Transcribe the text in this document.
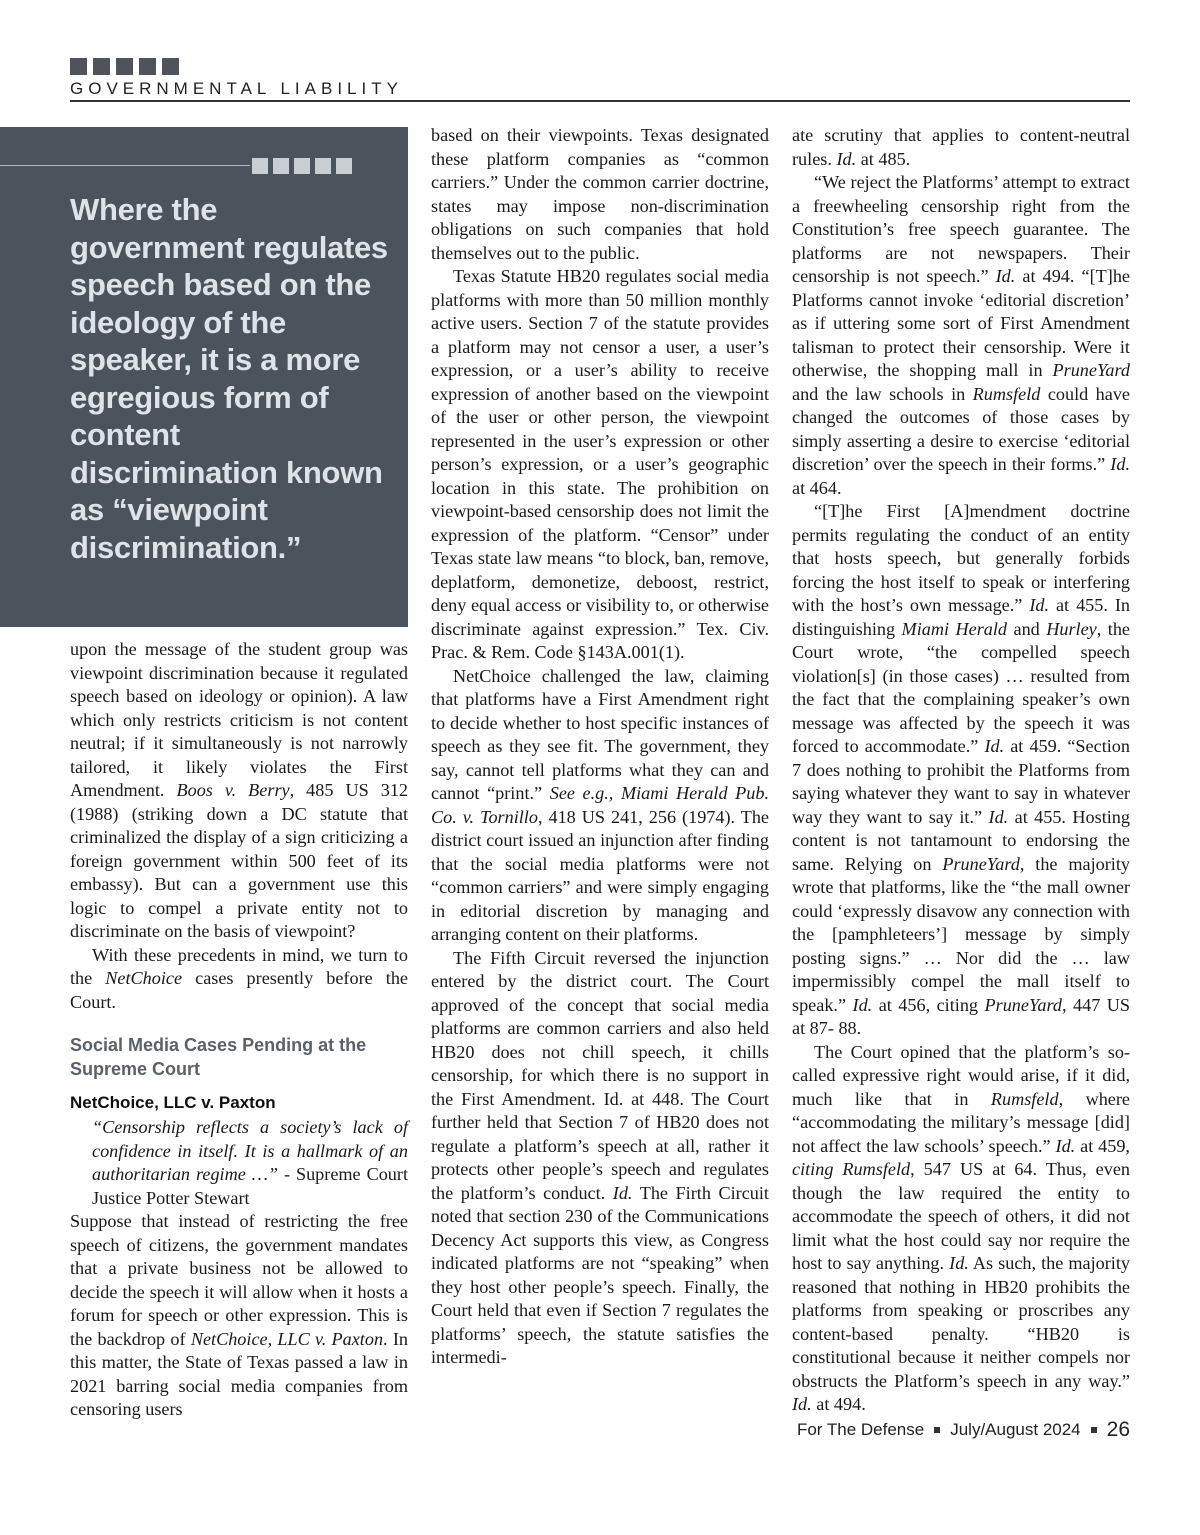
GOVERNMENTAL LIABILITY

Where the government regulates speech based on the ideology of the speaker, it is a more egregious form of content discrimination known as “viewpoint discrimination.”

upon the message of the student group was viewpoint discrimination because it regulated speech based on ideology or opinion). A law which only restricts criticism is not content neutral; if it simultaneously is not narrowly tailored, it likely violates the First Amendment. Boos v. Berry, 485 US 312 (1988) (striking down a DC statute that criminalized the display of a sign criticizing a foreign government within 500 feet of its embassy). But can a government use this logic to compel a private entity not to discriminate on the basis of viewpoint?

With these precedents in mind, we turn to the NetChoice cases presently before the Court.

Social Media Cases Pending at the Supreme Court
NetChoice, LLC v. Paxton

“Censorship reflects a society’s lack of confidence in itself. It is a hallmark of an authoritarian regime …” - Supreme Court Justice Potter Stewart

Suppose that instead of restricting the free speech of citizens, the government mandates that a private business not be allowed to decide the speech it will allow when it hosts a forum for speech or other expression. This is the backdrop of NetChoice, LLC v. Paxton. In this matter, the State of Texas passed a law in 2021 barring social media companies from censoring users

based on their viewpoints. Texas designated these platform companies as “common carriers.” Under the common carrier doctrine, states may impose non-discrimination obligations on such companies that hold themselves out to the public.

Texas Statute HB20 regulates social media platforms with more than 50 million monthly active users. Section 7 of the statute provides a platform may not censor a user, a user’s expression, or a user’s ability to receive expression of another based on the viewpoint of the user or other person, the viewpoint represented in the user’s expression or other person’s expression, or a user’s geographic location in this state. The prohibition on viewpoint-based censorship does not limit the expression of the platform. “Censor” under Texas state law means “to block, ban, remove, deplatform, demonetize, deboost, restrict, deny equal access or visibility to, or otherwise discriminate against expression.” Tex. Civ. Prac. & Rem. Code §143A.001(1).

NetChoice challenged the law, claiming that platforms have a First Amendment right to decide whether to host specific instances of speech as they see fit. The government, they say, cannot tell platforms what they can and cannot “print.” See e.g., Miami Herald Pub. Co. v. Tornillo, 418 US 241, 256 (1974). The district court issued an injunction after finding that the social media platforms were not “common carriers” and were simply engaging in editorial discretion by managing and arranging content on their platforms.

The Fifth Circuit reversed the injunction entered by the district court. The Court approved of the concept that social media platforms are common carriers and also held HB20 does not chill speech, it chills censorship, for which there is no support in the First Amendment. Id. at 448. The Court further held that Section 7 of HB20 does not regulate a platform’s speech at all, rather it protects other people’s speech and regulates the platform’s conduct. Id. The Firth Circuit noted that section 230 of the Communications Decency Act supports this view, as Congress indicated platforms are not “speaking” when they host other people’s speech. Finally, the Court held that even if Section 7 regulates the platforms’ speech, the statute satisfies the intermedi-

ate scrutiny that applies to content-neutral rules. Id. at 485.

“We reject the Platforms’ attempt to extract a freewheeling censorship right from the Constitution’s free speech guarantee. The platforms are not newspapers. Their censorship is not speech.” Id. at 494. “[T]he Platforms cannot invoke ‘editorial discretion’ as if uttering some sort of First Amendment talisman to protect their censorship. Were it otherwise, the shopping mall in PruneYard and the law schools in Rumsfeld could have changed the outcomes of those cases by simply asserting a desire to exercise ‘editorial discretion’ over the speech in their forms.” Id. at 464.

“[T]he First [A]mendment doctrine permits regulating the conduct of an entity that hosts speech, but generally forbids forcing the host itself to speak or interfering with the host’s own message.” Id. at 455. In distinguishing Miami Herald and Hurley, the Court wrote, “the compelled speech violation[s] (in those cases) … resulted from the fact that the complaining speaker’s own message was affected by the speech it was forced to accommodate.” Id. at 459. “Section 7 does nothing to prohibit the Platforms from saying whatever they want to say in whatever way they want to say it.” Id. at 455. Hosting content is not tantamount to endorsing the same. Relying on PruneYard, the majority wrote that platforms, like the “the mall owner could ‘expressly disavow any connection with the [pamphleteers’] message by simply posting signs.” … Nor did the … law impermissibly compel the mall itself to speak.” Id. at 456, citing PruneYard, 447 US at 87- 88.

The Court opined that the platform’s so-called expressive right would arise, if it did, much like that in Rumsfeld, where “accommodating the military’s message [did] not affect the law schools’ speech.” Id. at 459, citing Rumsfeld, 547 US at 64. Thus, even though the law required the entity to accommodate the speech of others, it did not limit what the host could say nor require the host to say anything. Id. As such, the majority reasoned that nothing in HB20 prohibits the platforms from speaking or proscribes any content-based penalty. “HB20 is constitutional because it neither compels nor obstructs the Platform’s speech in any way.” Id. at 494.

For The Defense July/August 2024 26
